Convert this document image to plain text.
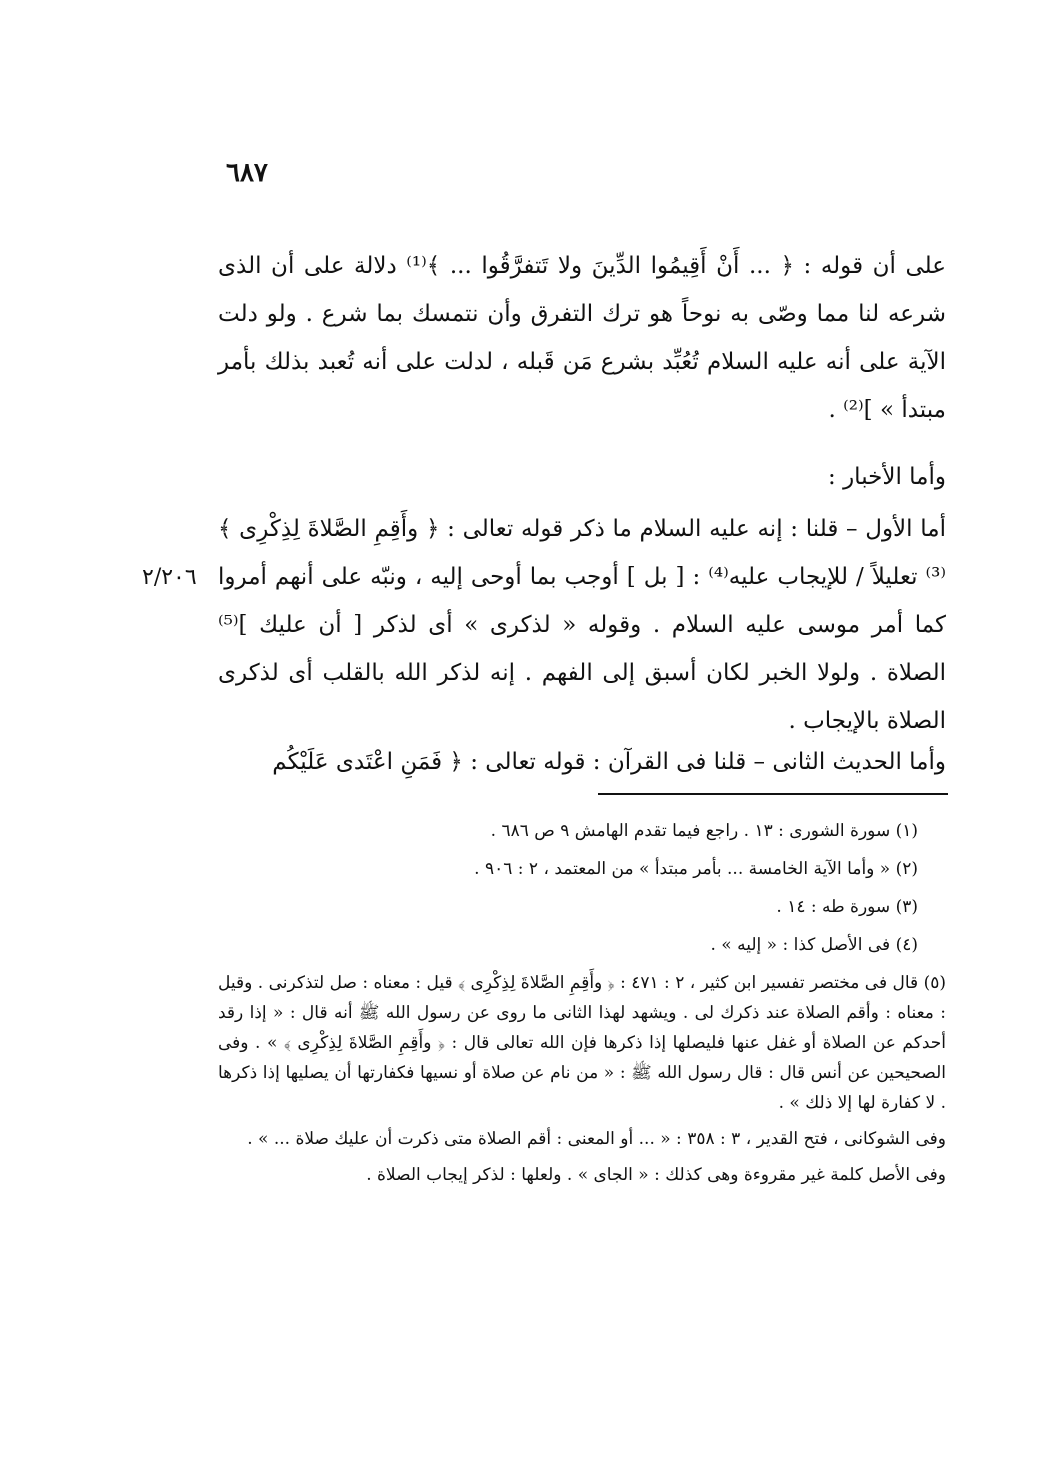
٦٨٧

على أن قوله : ﴿ ... أَنْ أَقِيمُوا الدِّينَ ولا تَتفرَّقُوا ... ﴾⁽¹⁾ دلالة على أن الذى شرعه لنا مما وصّى به نوحاً هو ترك التفرق وأن نتمسك بما شرع . ولو دلت الآية على أنه عليه السلام تُعُبِّد بشرع مَن قَبله ، لدلت على أنه تُعبد بذلك بأمر مبتدأ » ]⁽²⁾ .

وأما الأخبار :

أما الأول – قلنا : إنه عليه السلام ما ذكر قوله تعالى : ﴿ وأَقِمِ الصَّلاةَ لِذِكْرِى ﴾⁽³⁾ تعليلاً / للإيجاب عليه⁽⁴⁾ : [ بل ] أوجب بما أوحى إليه ، ونبّه على أنهم أمروا كما أمر موسى عليه السلام . وقوله « لذكرى » أى لذكر [ أن عليك ]⁽⁵⁾ الصلاة . ولولا الخبر لكان أسبق إلى الفهم . إنه لذكر الله بالقلب أى لذكرى الصلاة بالإيجاب .

٢/٢٠٦

وأما الحديث الثانى – قلنا فى القرآن : قوله تعالى : ﴿ فَمَنِ اعْتَدى عَلَيْكُم

(١) سورة الشورى : ١٣ . راجع فيما تقدم الهامش ٩ ص ٦٨٦ .

(٢) « وأما الآية الخامسة ... بأمر مبتدأ » من المعتمد ، ٢ : ٩٠٦ .

(٣) سورة طه : ١٤ .

(٤) فى الأصل كذا : « إليه » .

(٥) قال فى مختصر تفسير ابن كثير ، ٢ : ٤٧١ : ﴿ وأَقِمِ الصَّلاةَ لِذِكْرِى ﴾ قيل : معناه : صل لتذكرنى . وقيل : معناه : وأقم الصلاة عند ذكرك لى . ويشهد لهذا الثانى ما روى عن رسول الله ﷺ أنه قال : « إذا رقد أحدكم عن الصلاة أو غفل عنها فليصلها إذا ذكرها فإن الله تعالى قال : ﴿ وأَقِمِ الصَّلاةَ لِذِكْرِى ﴾ » . وفى الصحيحين عن أنس قال : قال رسول الله ﷺ : « من نام عن صلاة أو نسيها فكفارتها أن يصليها إذا ذكرها . لا كفارة لها إلا ذلك » .

وفى الشوكانى ، فتح القدير ، ٣ : ٣٥٨ : « ... أو المعنى : أقم الصلاة متى ذكرت أن عليك صلاة ... » .

وفى الأصل كلمة غير مقروءة وهى كذلك : « الجاى » . ولعلها : لذكر إيجاب الصلاة .
